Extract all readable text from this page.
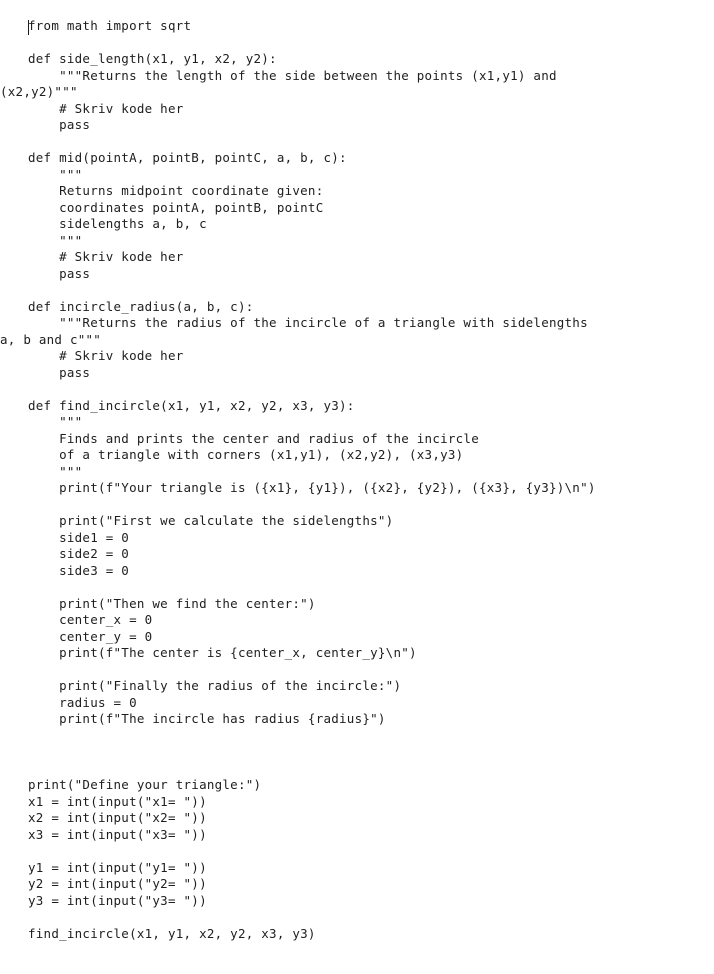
from math import sqrt
def side_length(x1, y1, x2, y2):
"""Returns the length of the side between the points (x1,y1) and
(x2,y2)"""
# Skriv kode her
pass
def mid(pointA, pointB, pointC, a, b, c):
"""
Returns midpoint coordinate given:
coordinates pointA, pointB, pointC
sidelengths a, b, c
"""
# Skriv kode her
pass
def incircle_radius(a, b, c):
"""Returns the radius of the incircle of a triangle with sidelengths
a, b and c"""
# Skriv kode her
pass
def find_incircle(x1, y1, x2, y2, x3, y3):
"""
Finds and prints the center and radius of the incircle
of a triangle with corners (x1,y1), (x2,y2), (x3,y3)
"""
print(f"Your triangle is ({x1}, {y1}), ({x2}, {y2}), ({x3}, {y3})\n")
print("First we calculate the sidelengths")
side1 = 0
side2 = 0
side3 = 0
print("Then we find the center:")
center_x = 0
center_y = 0
print(f"The center is {center_x, center_y}\n")
print("Finally the radius of the incircle:")
radius = 0
print(f"The incircle has radius {radius}")
print("Define your triangle:")
x1 = int(input("x1= "))
x2 = int(input("x2= "))
x3 = int(input("x3= "))
y1 = int(input("y1= "))
y2 = int(input("y2= "))
y3 = int(input("y3= "))
find_incircle(x1, y1, x2, y2, x3, y3)
